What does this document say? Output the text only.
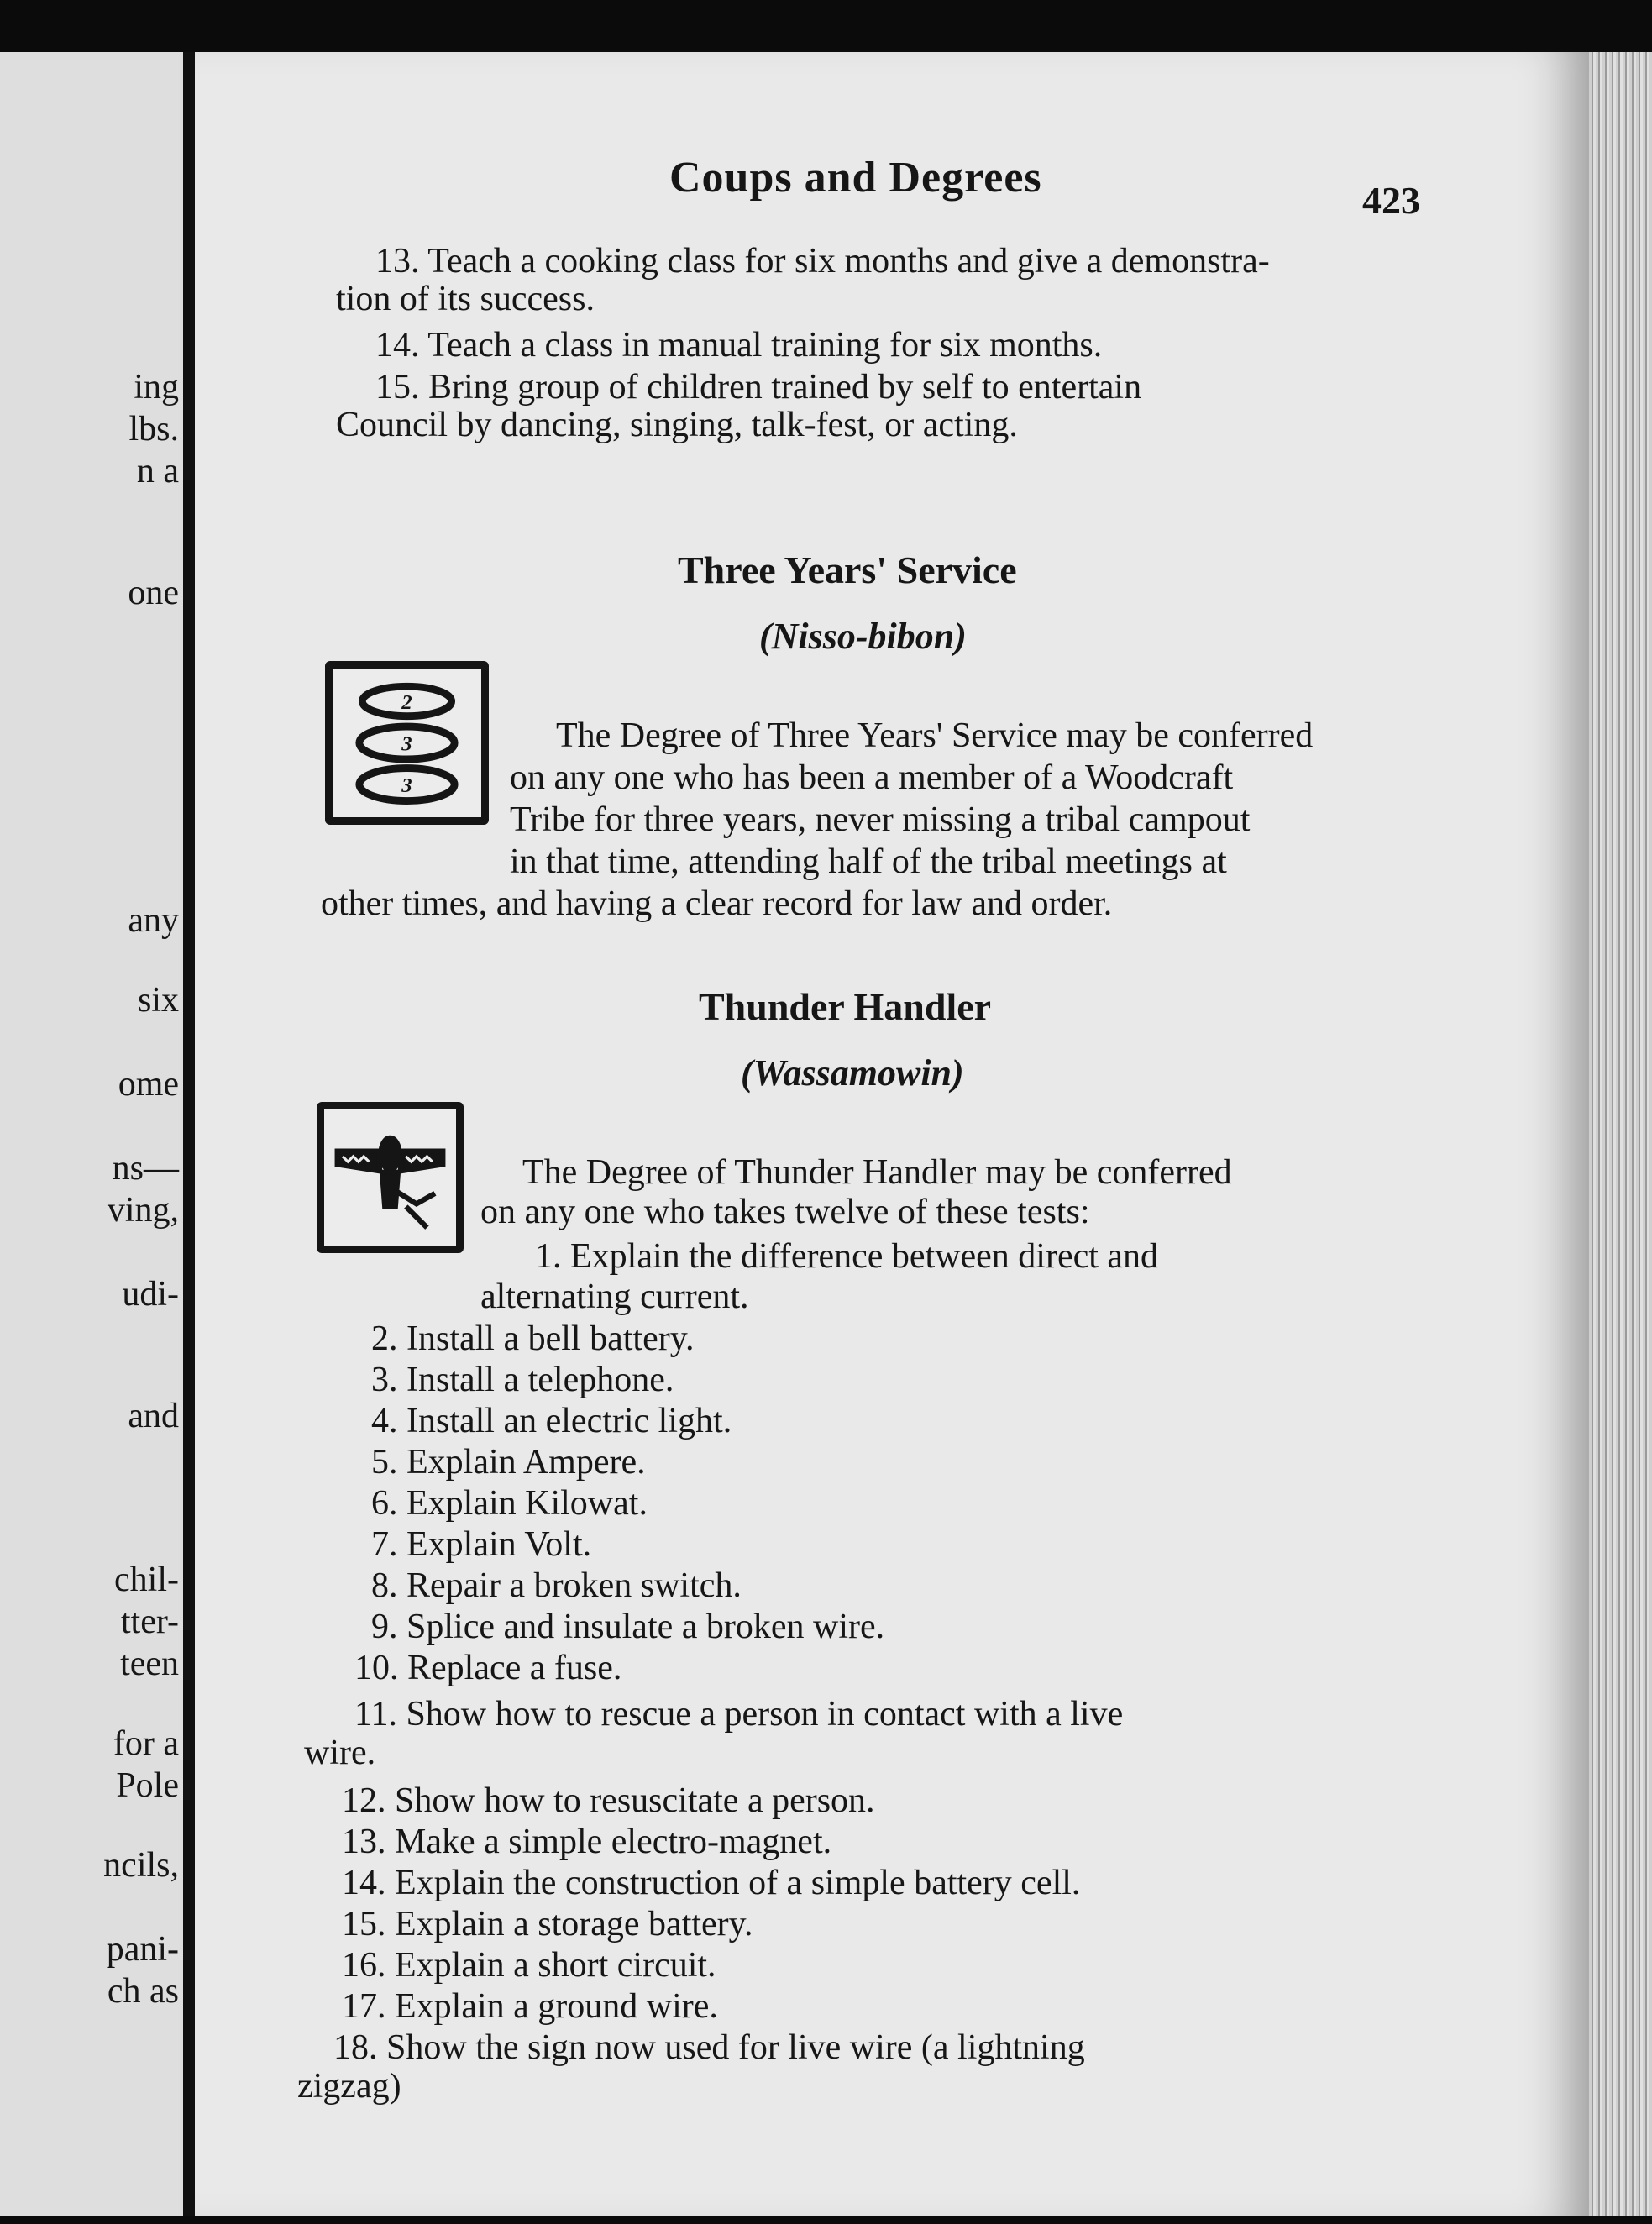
ing
lbs.
n a
one
any
six
ome
ns—
ving,
udi-
and
chil-
tter-
teen
for a
Pole
ncils,
pani-
ch as
Coups and Degrees	423
13. Teach a cooking class for six months and give a demonstra-
tion of its success.
14. Teach a class in manual training for six months.
15. Bring group of children trained by self to entertain
Council by dancing, singing, talk-fest, or acting.
Three Years' Service
(Nisso-bibon)
2
3
3
The Degree of Three Years' Service may be conferred
on any one who has been a member of a Woodcraft
Tribe for three years, never missing a tribal campout
in that time, attending half of the tribal meetings at
other times, and having a clear record for law and order.
Thunder Handler
(Wassamowin)
The Degree of Thunder Handler may be conferred
on any one who takes twelve of these tests:
1. Explain the difference between direct and
alternating current.
2. Install a bell battery.
3. Install a telephone.
4. Install an electric light.
5. Explain Ampere.
6. Explain Kilowat.
7. Explain Volt.
8. Repair a broken switch.
9. Splice and insulate a broken wire.
10. Replace a fuse.
11. Show how to rescue a person in contact with a live
wire.
12. Show how to resuscitate a person.
13. Make a simple electro-magnet.
14. Explain the construction of a simple battery cell.
15. Explain a storage battery.
16. Explain a short circuit.
17. Explain a ground wire.
18. Show the sign now used for live wire (a lightning
zigzag)
